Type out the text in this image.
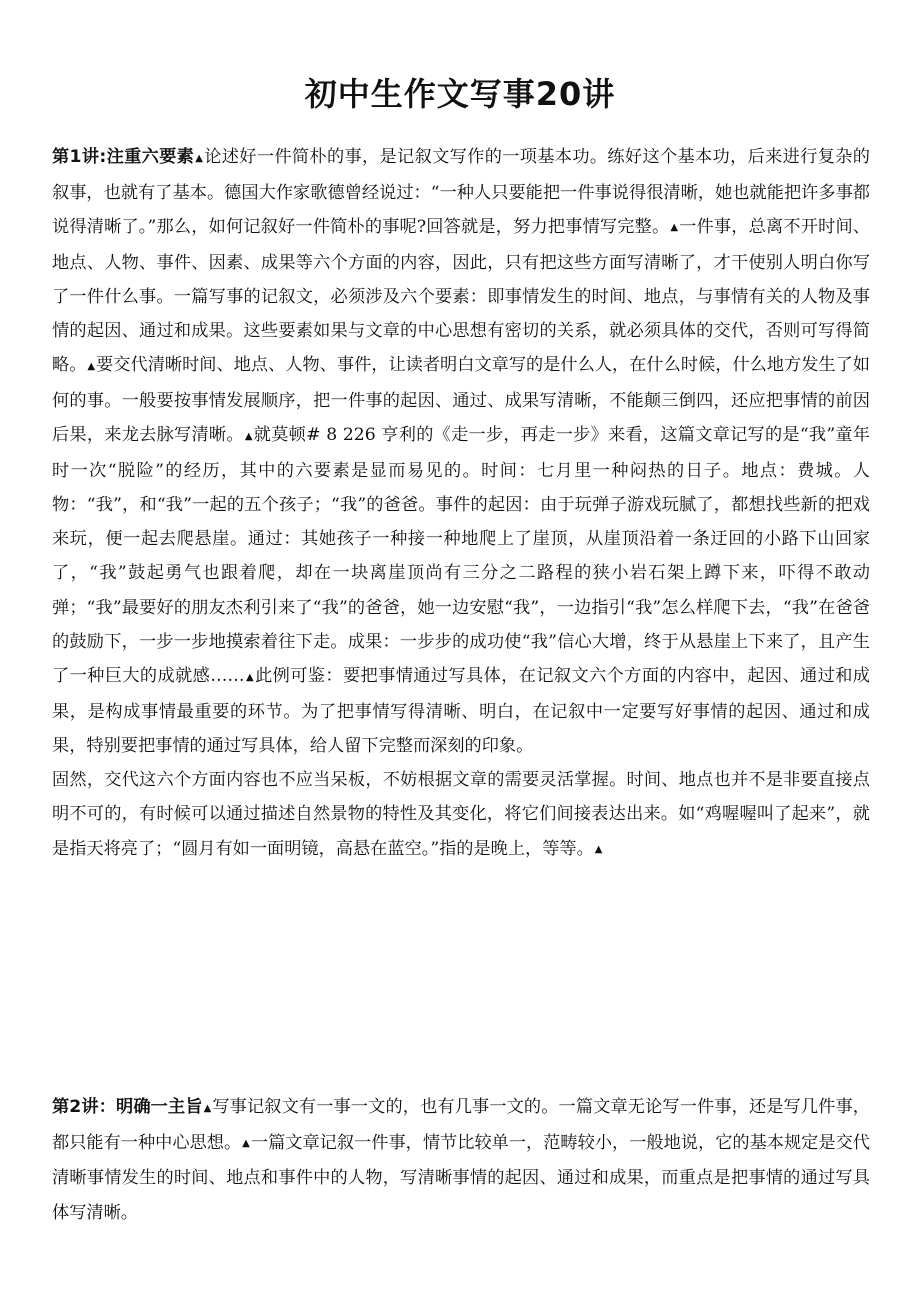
初中生作文写事20讲

第1讲:注重六要素▲论述好一件简朴的事，是记叙文写作的一项基本功。练好这个基本功，后来进行复杂的叙事，也就有了基本。德国大作家歌德曾经说过：“一种人只要能把一件事说得很清晰，她也就能把许多事都说得清晰了。”那么，如何记叙好一件简朴的事呢?回答就是，努力把事情写完整。▲一件事，总离不开时间、地点、人物、事件、因素、成果等六个方面的内容，因此，只有把这些方面写清晰了，才干使别人明白你写了一件什么事。一篇写事的记叙文，必须涉及六个要素：即事情发生的时间、地点，与事情有关的人物及事情的起因、通过和成果。这些要素如果与文章的中心思想有密切的关系，就必须具体的交代，否则可写得简略。▲要交代清晰时间、地点、人物、事件，让读者明白文章写的是什么人，在什么时候，什么地方发生了如何的事。一般要按事情发展顺序，把一件事的起因、通过、成果写清晰，不能颠三倒四，还应把事情的前因后果，来龙去脉写清晰。▲就莫顿# 8 226 亨利的《走一步，再走一步》来看，这篇文章记写的是“我”童年时一次“脱险”的经历，其中的六要素是显而易见的。时间：七月里一种闷热的日子。地点：费城。人物：“我”，和“我”一起的五个孩子；“我”的爸爸。事件的起因：由于玩弹子游戏玩腻了，都想找些新的把戏来玩，便一起去爬悬崖。通过：其她孩子一种接一种地爬上了崖顶，从崖顶沿着一条迂回的小路下山回家了，“我”鼓起勇气也跟着爬，却在一块离崖顶尚有三分之二路程的狭小岩石架上蹲下来，吓得不敢动弹；“我”最要好的朋友杰利引来了“我”的爸爸，她一边安慰“我”，一边指引“我”怎么样爬下去，“我”在爸爸的鼓励下，一步一步地摸索着往下走。成果：一步步的成功使“我”信心大增，终于从悬崖上下来了，且产生了一种巨大的成就感……▲此例可鉴：要把事情通过写具体，在记叙文六个方面的内容中，起因、通过和成果，是构成事情最重要的环节。为了把事情写得清晰、明白，在记叙中一定要写好事情的起因、通过和成果，特别要把事情的通过写具体，给人留下完整而深刻的印象。

固然，交代这六个方面内容也不应当呆板，不妨根据文章的需要灵活掌握。时间、地点也并不是非要直接点明不可的，有时候可以通过描述自然景物的特性及其变化，将它们间接表达出来。如“鸡喔喔叫了起来”，就是指天将亮了；“圆月有如一面明镜，高悬在蓝空。”指的是晚上，等等。▲

第2讲：明确一主旨▲写事记叙文有一事一文的，也有几事一文的。一篇文章无论写一件事，还是写几件事，都只能有一种中心思想。▲一篇文章记叙一件事，情节比较单一，范畴较小，一般地说，它的基本规定是交代清晰事情发生的时间、地点和事件中的人物，写清晰事情的起因、通过和成果，而重点是把事情的通过写具体写清晰。
